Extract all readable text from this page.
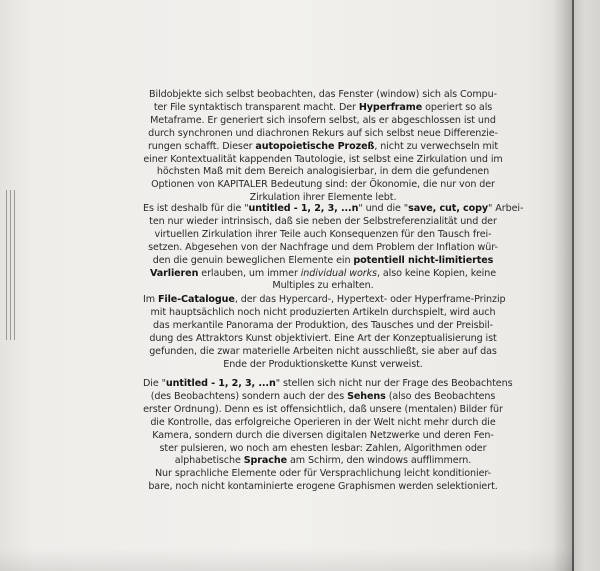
Bildobjekte sich selbst beobachten, das Fenster (window) sich als Compu-
ter File syntaktisch transparent macht. Der Hyperframe operiert so als
Metaframe. Er generiert sich insofern selbst, als er abgeschlossen ist und
durch synchronen und diachronen Rekurs auf sich selbst neue Differenzie-
rungen schafft. Dieser autopoietische Prozeß, nicht zu verwechseln mit
einer Kontextualität kappenden Tautologie, ist selbst eine Zirkulation und im
höchsten Maß mit dem Bereich analogisierbar, in dem die gefundenen
Optionen von KAPITALER Bedeutung sind: der Ökonomie, die nur von der
Zirkulation ihrer Elemente lebt.
Es ist deshalb für die "untitled - 1, 2, 3, ...n" und die "save, cut, copy" Arbei-
ten nur wieder intrinsisch, daß sie neben der Selbstreferenzialität und der
virtuellen Zirkulation ihrer Teile auch Konsequenzen für den Tausch frei-
setzen. Abgesehen von der Nachfrage und dem Problem der Inflation wür-
den die genuin beweglichen Elemente ein potentiell nicht-limitiertes
Varlieren erlauben, um immer individual works, also keine Kopien, keine
Multiples zu erhalten.
Im File-Catalogue, der das Hypercard-, Hypertext- oder Hyperframe-Prinzip
mit hauptsächlich noch nicht produzierten Artikeln durchspielt, wird auch
das merkantile Panorama der Produktion, des Tausches und der Preisbil-
dung des Attraktors Kunst objektiviert. Eine Art der Konzeptualisierung ist
gefunden, die zwar materielle Arbeiten nicht ausschließt, sie aber auf das
Ende der Produktionskette Kunst verweist.
Die "untitled - 1, 2, 3, ...n" stellen sich nicht nur der Frage des Beobachtens
(des Beobachtens) sondern auch der des Sehens (also des Beobachtens
erster Ordnung). Denn es ist offensichtlich, daß unsere (mentalen) Bilder für
die Kontrolle, das erfolgreiche Operieren in der Welt nicht mehr durch die
Kamera, sondern durch die diversen digitalen Netzwerke und deren Fen-
ster pulsieren, wo noch am ehesten lesbar: Zahlen, Algorithmen oder
alphabetische Sprache am Schirm, den windows aufflimmern.
Nur sprachliche Elemente oder für Versprachlichung leicht konditionier-
bare, noch nicht kontaminierte erogene Graphismen werden selektioniert.
